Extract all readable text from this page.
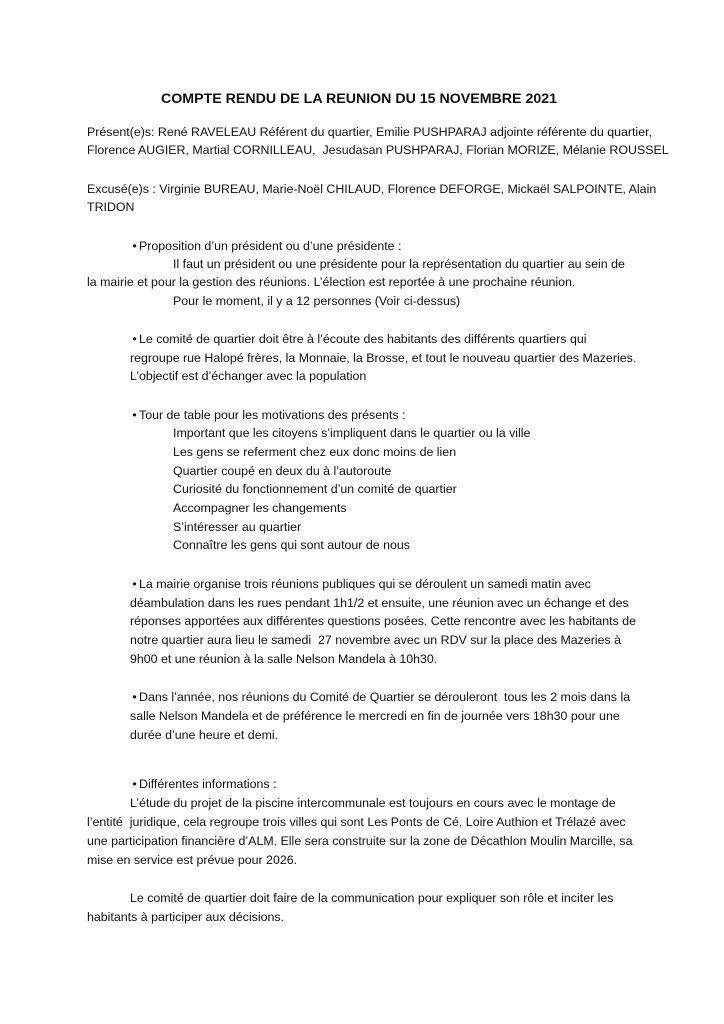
COMPTE RENDU DE LA REUNION DU 15 NOVEMBRE 2021

Présent(e)s: René RAVELEAU Référent du quartier, Emilie PUSHPARAJ adjointe référente du quartier,

Florence AUGIER, Martial CORNILLEAU,  Jesudasan PUSHPARAJ, Florian MORIZE, Mélanie ROUSSEL

Excusé(e)s : Virginie BUREAU, Marie-Noël CHILAUD, Florence DEFORGE, Mickaël SALPOINTE, Alain

TRIDON

• Proposition d’un président ou d’une présidente :

Il faut un président ou une présidente pour la représentation du quartier au sein de

la mairie et pour la gestion des réunions. L’élection est reportée à une prochaine réunion.

Pour le moment, il y a 12 personnes (Voir ci-dessus)

• Le comité de quartier doit être à l’écoute des habitants des différents quartiers qui

regroupe rue Halopé frères, la Monnaie, la Brosse, et tout le nouveau quartier des Mazeries.

L’objectif est d’échanger avec la population

• Tour de table pour les motivations des présents :

Important que les citoyens s’impliquent dans le quartier ou la ville

Les gens se referment chez eux donc moins de lien

Quartier coupé en deux du à l’autoroute

Curiosité du fonctionnement d’un comité de quartier

Accompagner les changements

S’intéresser au quartier

Connaître les gens qui sont autour de nous

• La mairie organise trois réunions publiques qui se déroulent un samedi matin avec

déambulation dans les rues pendant 1h1/2 et ensuite, une réunion avec un échange et des

réponses apportées aux différentes questions posées. Cette rencontre avec les habitants de

notre quartier aura lieu le samedi  27 novembre avec un RDV sur la place des Mazeries à

9h00 et une réunion à la salle Nelson Mandela à 10h30.

• Dans l’année, nos réunions du Comité de Quartier se dérouleront  tous les 2 mois dans la

salle Nelson Mandela et de préférence le mercredi en fin de journée vers 18h30 pour une

durée d’une heure et demi.

• Différentes informations :

L’étude du projet de la piscine intercommunale est toujours en cours avec le montage de

l’entité  juridique, cela regroupe trois villes qui sont Les Ponts de Cé, Loire Authion et Trélazé avec

une participation financière d’ALM. Elle sera construite sur la zone de Décathlon Moulin Marcille, sa

mise en service est prévue pour 2026.

Le comité de quartier doit faire de la communication pour expliquer son rôle et inciter les

habitants à participer aux décisions.
